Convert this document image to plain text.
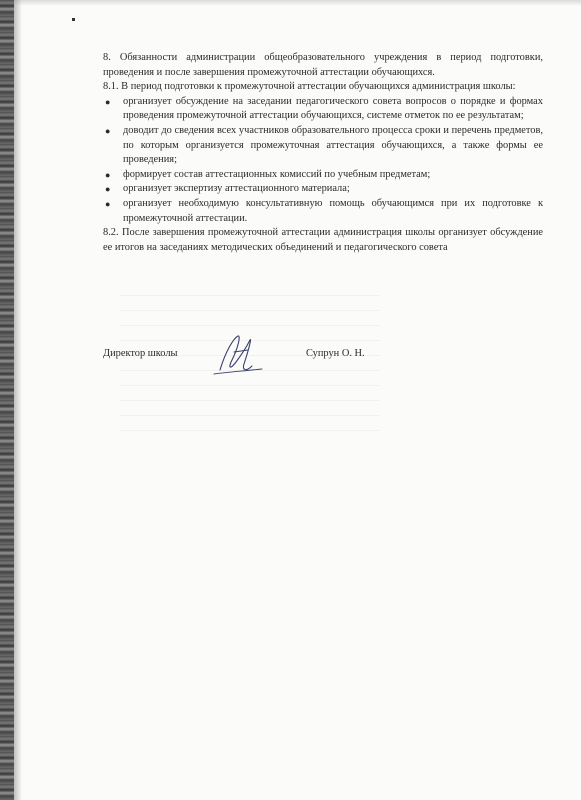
8. Обязанности администрации общеобразовательного учреждения в период подготовки, проведения и после завершения промежуточной аттестации обучающихся.

8.1. В период подготовки к промежуточной аттестации обучающихся администрация школы:

● организует обсуждение на заседании педагогического совета вопросов о порядке и формах проведения промежуточной аттестации обучающихся, системе отметок по ее результатам;
● доводит до сведения всех участников образовательного процесса сроки и перечень предметов, по которым организуется промежуточная аттестация обучающихся, а также формы ее проведения;
● формирует состав аттестационных комиссий по учебным предметам;
● организует экспертизу аттестационного материала;
● организует необходимую консультативную помощь обучающимся при их подготовке к промежуточной аттестации.

8.2. После завершения промежуточной аттестации администрация школы организует обсуждение ее итогов на заседаниях методических объединений и педагогического совета

Директор школы	Супрун О. Н.
